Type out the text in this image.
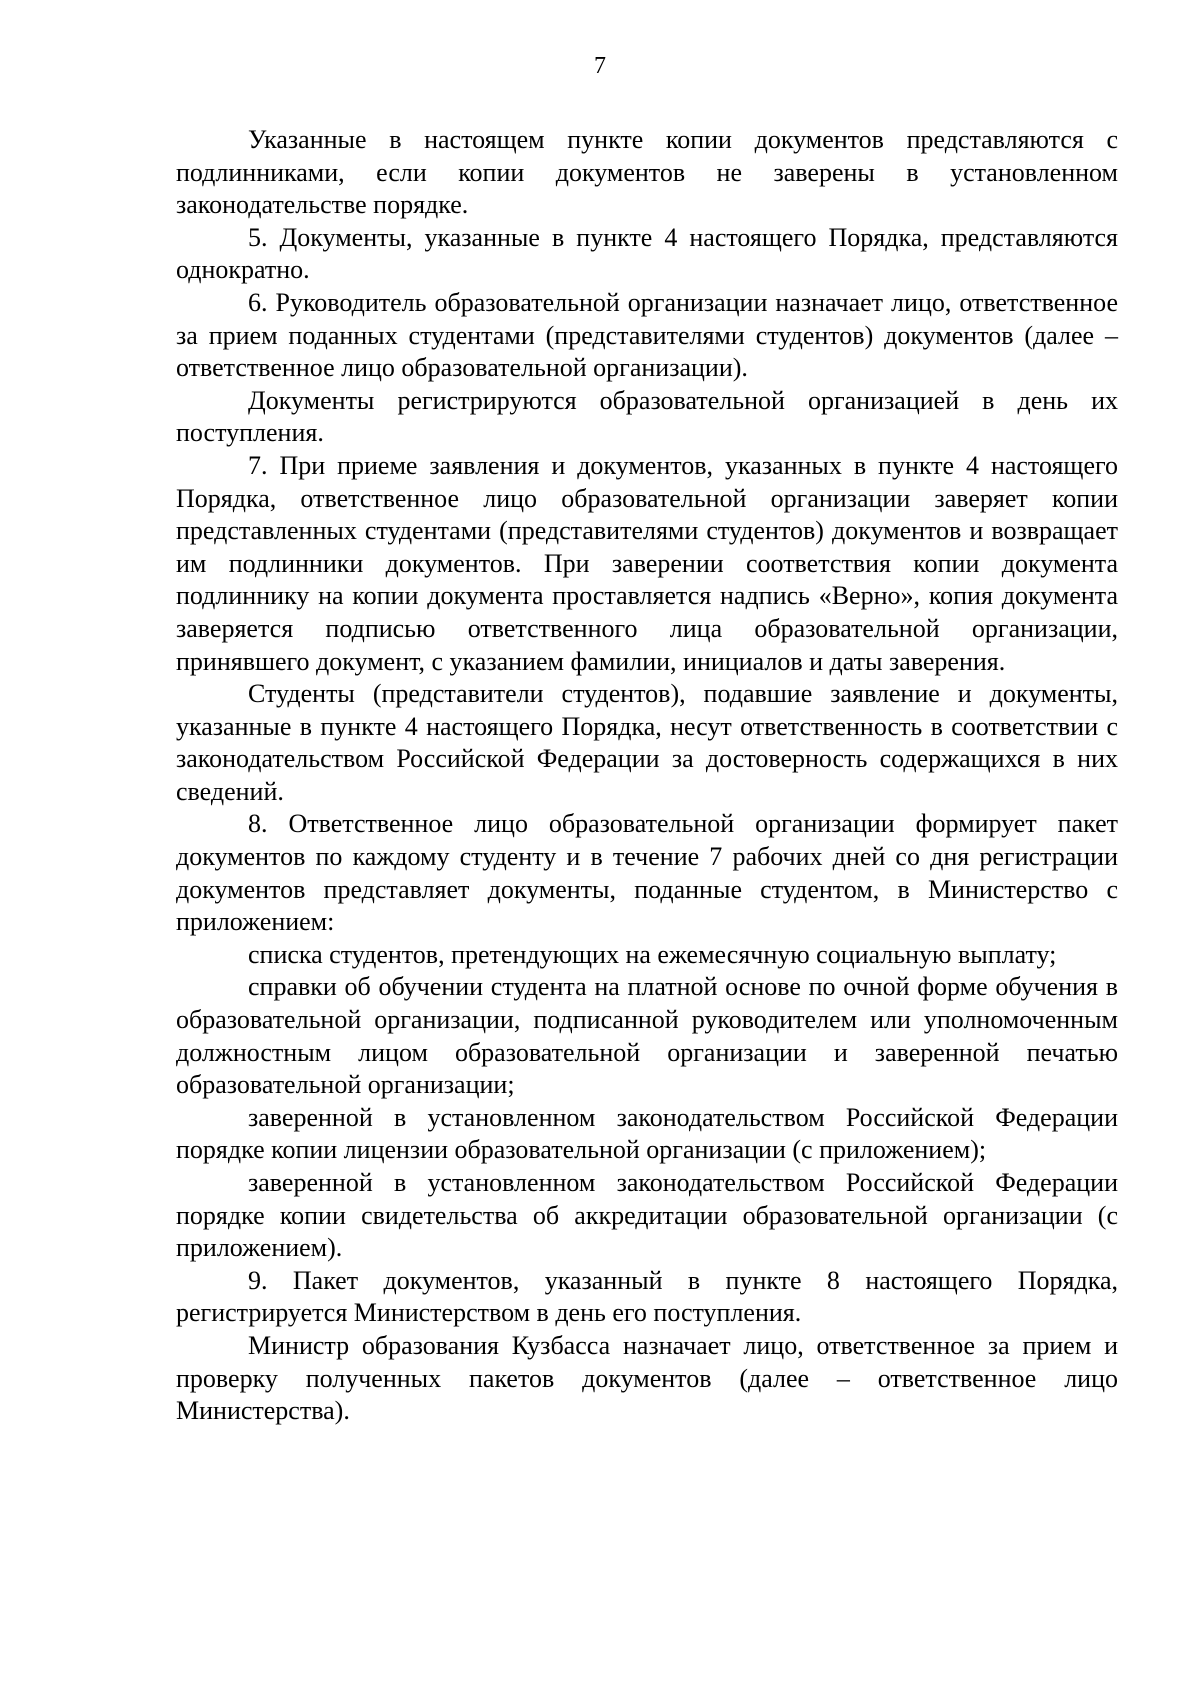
7

Указанные в настоящем пункте копии документов представляются с подлинниками, если копии документов не заверены в установленном законодательстве порядке.

5. Документы, указанные в пункте 4 настоящего Порядка, представляются однократно.

6. Руководитель образовательной организации назначает лицо, ответственное за прием поданных студентами (представителями студентов) документов (далее – ответственное лицо образовательной организации).

Документы регистрируются образовательной организацией в день их поступления.

7. При приеме заявления и документов, указанных в пункте 4 настоящего Порядка, ответственное лицо образовательной организации заверяет копии представленных студентами (представителями студентов) документов и возвращает им подлинники документов. При заверении соответствия копии документа подлиннику на копии документа проставляется надпись «Верно», копия документа заверяется подписью ответственного лица образовательной организации, принявшего документ, с указанием фамилии, инициалов и даты заверения.

Студенты (представители студентов), подавшие заявление и документы, указанные в пункте 4 настоящего Порядка, несут ответственность в соответствии с законодательством Российской Федерации за достоверность содержащихся в них сведений.

8. Ответственное лицо образовательной организации формирует пакет документов по каждому студенту и в течение 7 рабочих дней со дня регистрации документов представляет документы, поданные студентом, в Министерство с приложением:

списка студентов, претендующих на ежемесячную социальную выплату;

справки об обучении студента на платной основе по очной форме обучения в образовательной организации, подписанной руководителем или уполномоченным должностным лицом образовательной организации и заверенной печатью образовательной организации;

заверенной в установленном законодательством Российской Федерации порядке копии лицензии образовательной организации (с приложением);

заверенной в установленном законодательством Российской Федерации порядке копии свидетельства об аккредитации образовательной организации (с приложением).

9. Пакет документов, указанный в пункте 8 настоящего Порядка, регистрируется Министерством в день его поступления.

Министр образования Кузбасса назначает лицо, ответственное за прием и проверку полученных пакетов документов (далее – ответственное лицо Министерства).
